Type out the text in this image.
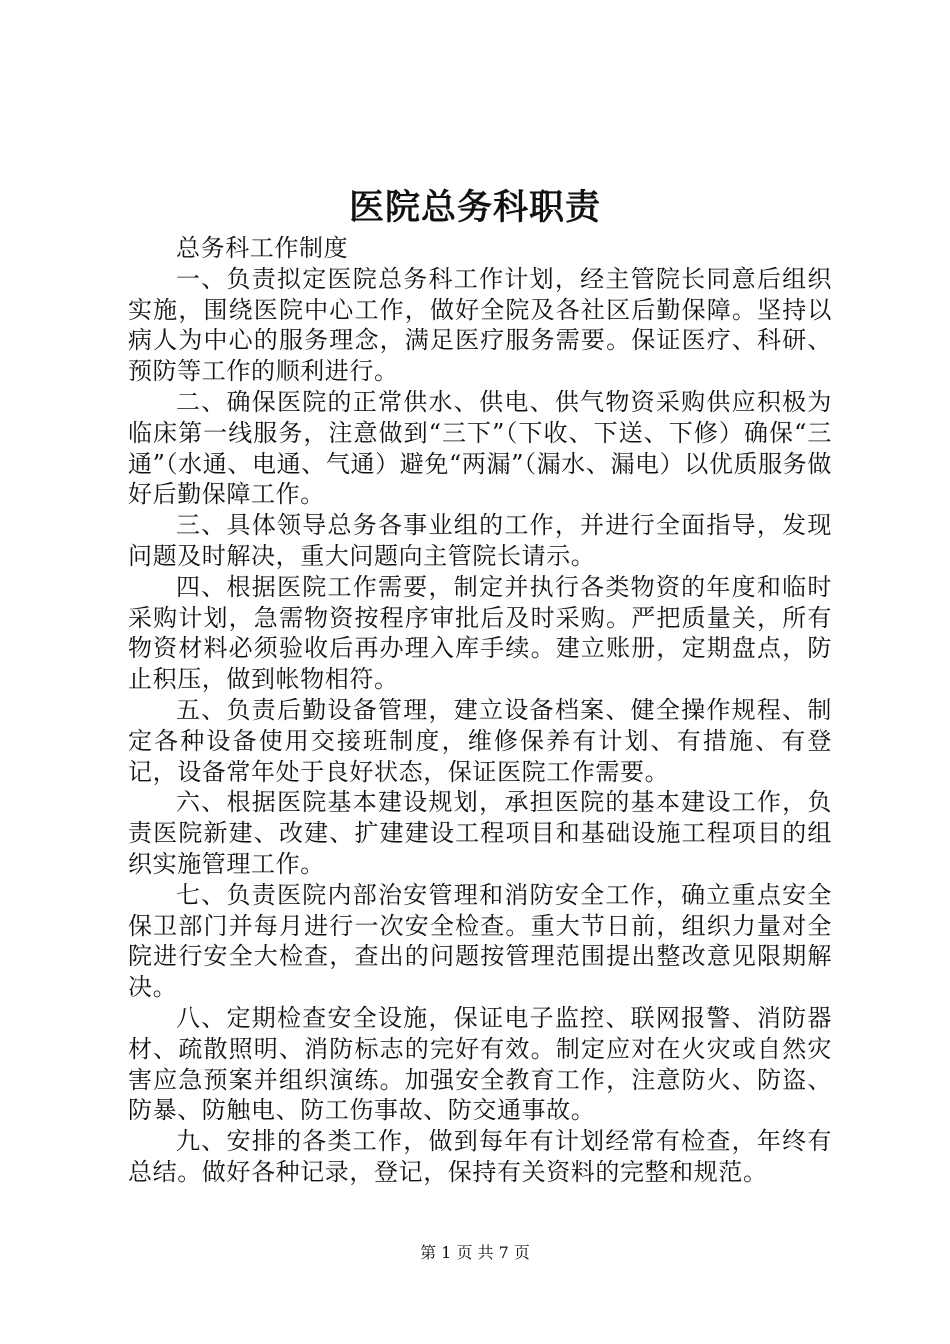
医院总务科职责

总务科工作制度

一、负责拟定医院总务科工作计划，经主管院长同意后组织实施，围绕医院中心工作，做好全院及各社区后勤保障。坚持以病人为中心的服务理念，满足医疗服务需要。保证医疗、科研、预防等工作的顺利进行。

二、确保医院的正常供水、供电、供气物资采购供应积极为临床第一线服务，注意做到“三下”（下收、下送、下修）确保“三通”（水通、电通、气通）避免“两漏”（漏水、漏电）以优质服务做好后勤保障工作。

三、具体领导总务各事业组的工作，并进行全面指导，发现问题及时解决，重大问题向主管院长请示。

四、根据医院工作需要，制定并执行各类物资的年度和临时采购计划，急需物资按程序审批后及时采购。严把质量关，所有物资材料必须验收后再办理入库手续。建立账册，定期盘点，防止积压，做到帐物相符。

五、负责后勤设备管理，建立设备档案、健全操作规程、制定各种设备使用交接班制度，维修保养有计划、有措施、有登记，设备常年处于良好状态，保证医院工作需要。

六、根据医院基本建设规划，承担医院的基本建设工作，负责医院新建、改建、扩建建设工程项目和基础设施工程项目的组织实施管理工作。

七、负责医院内部治安管理和消防安全工作，确立重点安全保卫部门并每月进行一次安全检查。重大节日前，组织力量对全院进行安全大检查，查出的问题按管理范围提出整改意见限期解决。

八、定期检查安全设施，保证电子监控、联网报警、消防器材、疏散照明、消防标志的完好有效。制定应对在火灾或自然灾害应急预案并组织演练。加强安全教育工作，注意防火、防盗、防暴、防触电、防工伤事故、防交通事故。

九、安排的各类工作，做到每年有计划经常有检查，年终有总结。做好各种记录，登记，保持有关资料的完整和规范。

第 1 页 共 7 页
